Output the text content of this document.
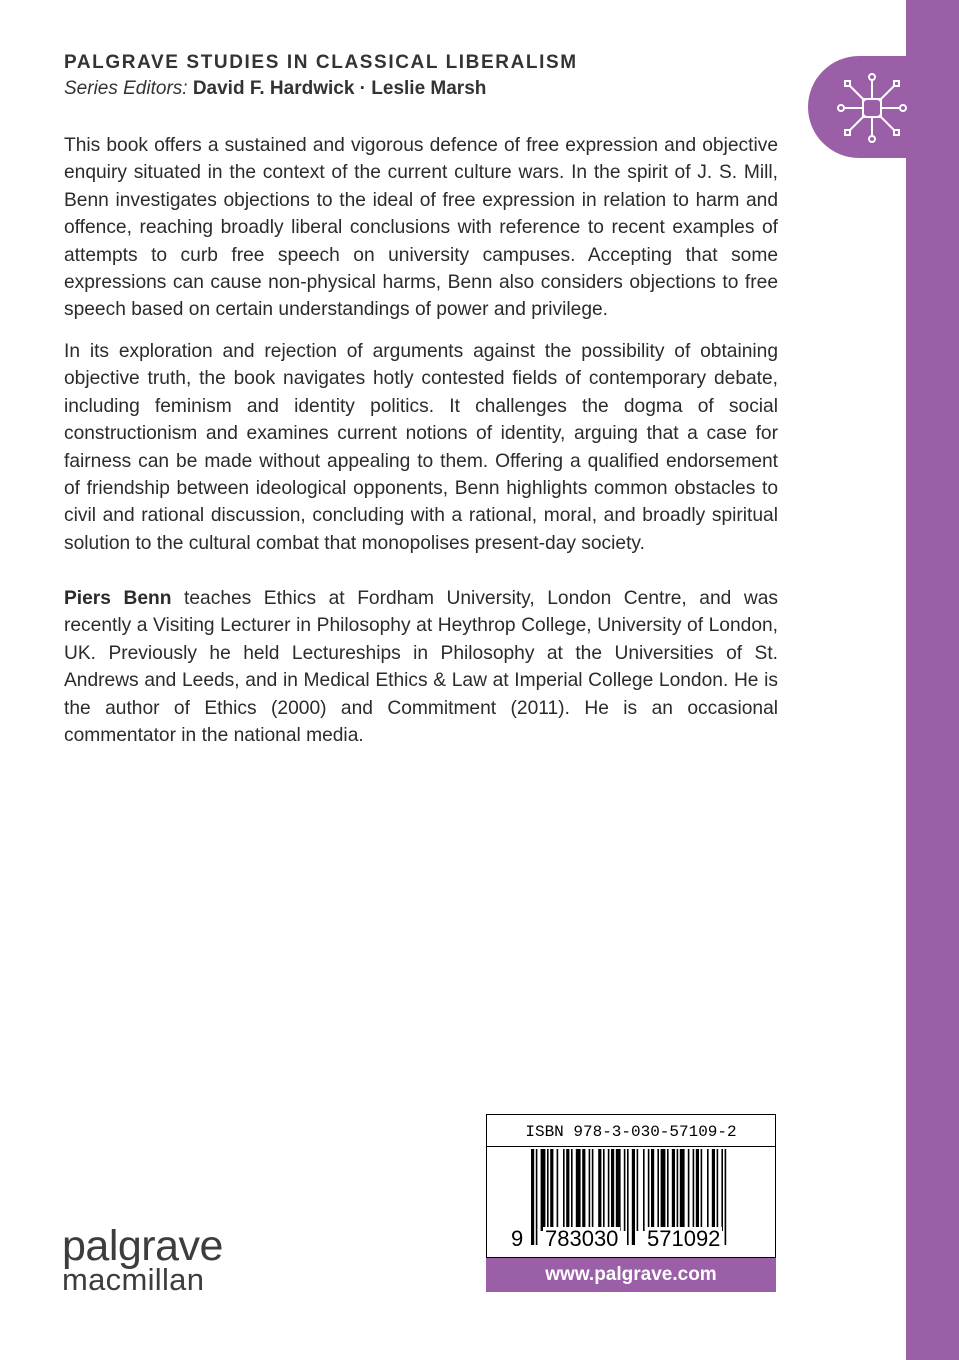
PALGRAVE STUDIES IN CLASSICAL LIBERALISM
Series Editors: David F. Hardwick · Leslie Marsh

This book offers a sustained and vigorous defence of free expression and objective enquiry situated in the context of the current culture wars. In the spirit of J. S. Mill, Benn investigates objections to the ideal of free expression in relation to harm and offence, reaching broadly liberal conclusions with reference to recent examples of attempts to curb free speech on university campuses. Accepting that some expressions can cause non-physical harms, Benn also considers objections to free speech based on certain understandings of power and privilege.

In its exploration and rejection of arguments against the possibility of obtaining objective truth, the book navigates hotly contested fields of contemporary debate, including feminism and identity politics. It challenges the dogma of social constructionism and examines current notions of identity, arguing that a case for fairness can be made without appealing to them. Offering a qualified endorsement of friendship between ideological opponents, Benn highlights common obstacles to civil and rational discussion, concluding with a rational, moral, and broadly spiritual solution to the cultural combat that monopolises present-day society.

Piers Benn teaches Ethics at Fordham University, London Centre, and was recently a Visiting Lecturer in Philosophy at Heythrop College, University of London, UK. Previously he held Lectureships in Philosophy at the Universities of St. Andrews and Leeds, and in Medical Ethics & Law at Imperial College London. He is the author of Ethics (2000) and Commitment (2011). He is an occasional commentator in the national media.

palgrave
macmillan
ISBN 978-3-030-57109-2
9 783030 571092
www.palgrave.com
